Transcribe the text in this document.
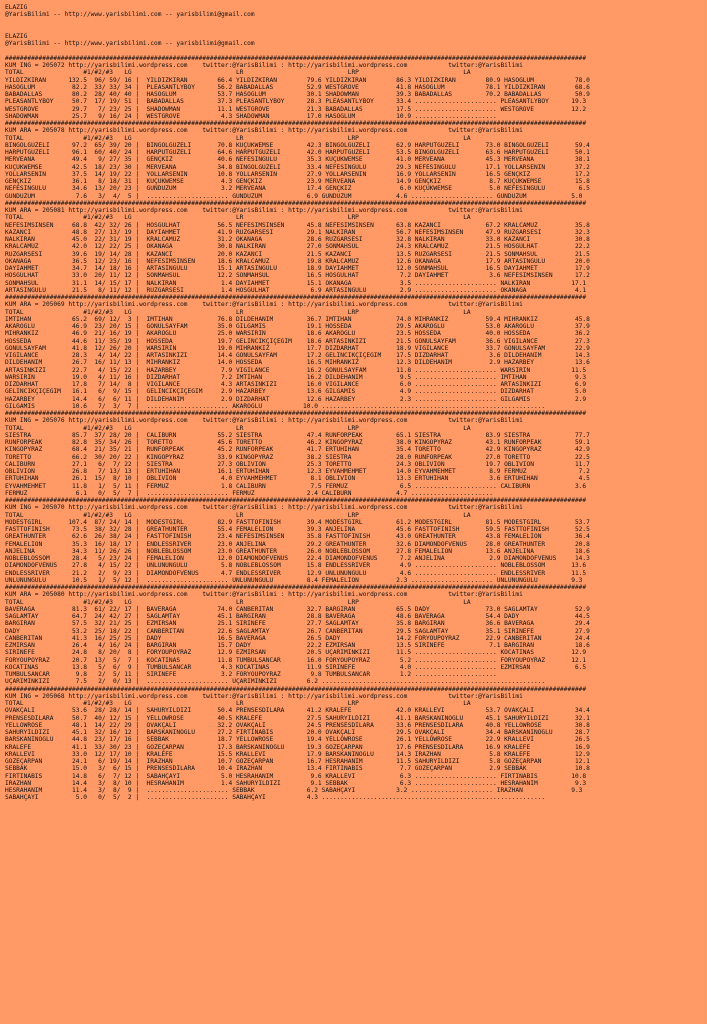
ELAZIG
@YarisBilimi -- http://www.yarisbilimi.com -- yarisbilimi@gmail.com

ELAZIG
@YarisBilimi -- http://www.yarisbilimi.com -- yarisbilimi@gmail.com

############################################################################################################################################################
KUM ING = 205072 http://yarisbilimi.wordpress.com    twitter:@YarisBilimi : http://yarisbilimi.wordpress.com           twitter:@YarisBilimi
TOTAL                #1/#2/#3   LG                            LR                            LRP                            LA
YILDIZKIRAN      132.5  96/ 59/ 16 |  YILDIZKIRAN        66.4 YILDIZKIRAN        79.6 YILDIZKIRAN        86.3 YILDIZKIRAN        80.9 HASOGLUM           78.0
HASOGLUM          82.2  33/ 33/ 34 |  PLEASANTLYBOY      56.2 BABADALLAS         52.9 WESTGROVE          41.8 HASOGLUM           78.1 YILDIZKIRAN        68.6
BABADALLAS        80.2  28/ 40/ 40 |  HASOGLUM           53.7 HASOGLUM           30.1 SHADOWMAN          39.3 BABADALLAS         70.2 BABADALLAS         50.9
PLEASANTLYBOY     50.7  17/ 19/ 51 |  BABADALLAS         37.3 PLEASANTLYBOY      28.3 PLEASANTLYBOY      33.4 ...................... PLEASANTLYBOY      19.3
WESTGROVE         29.7   7/ 23/ 25 |  SHADOWMAN          11.1 WESTGROVE          21.3 BABADALLAS         17.5 ...................... WESTGROVE          12.2
SHADOWMAN         25.7   9/ 16/ 24 |  WESTGROVE           4.3 SHADOWMAN          17.0 HASOGLUM           10.9 ......................
############################################################################################################################################################
KUM ARA = 205078 http://yarisbilimi.wordpress.com    twitter:@YarisBilimi : http://yarisbilimi.wordpress.com           twitter:@YarisBilimi
TOTAL                #1/#2/#3   LG                            LR                            LRP                            LA
BINGÖLGÜZELI      97.2  65/ 39/ 20 |  BINGÖLGÜZELI       70.8 KÜÇÜKWEMSE         42.3 BINGÖLGÜZELI       62.9 HARPUTGÜZELI       73.0 BINGÖLGÜZELI       59.4
HARPUTGÜZELI      96.1  60/ 40/ 24 |  HARPUTGÜZELI       64.6 HARPUTGÜZELI       42.0 HARPUTGÜZELI       53.5 BINGÖLGÜZELI       63.6 HARPUTGÜZELI       50.1
MERVEANA          49.4   9/ 27/ 35 |  GENÇKIZ            40.6 NEFESINGÜLÜ        35.3 KÜÇÜKWEMSE         41.0 MERVEANA           45.3 MERVEANA           38.1
KÜÇÜKWEMSE        42.5  18/ 23/ 30 |  MERVEANA           34.8 BINGÖLGÜZELI       33.4 NEFESINGÜLÜ        29.3 NEFESINGÜLÜ        17.1 YOLLARSENIN        37.2
YOLLARSENIN       37.5  14/ 19/ 22 |  YOLLARSENIN        10.8 YOLLARSENIN        27.9 YOLLARSENIN        16.9 YOLLARSENIN        16.5 GENÇKIZ            17.2
GENÇKIZ           36.1   8/ 18/ 31 |  KÜÇÜKWEMSE          4.3 GENÇKIZ            23.9 MERVEANA           14.9 GENÇKIZ             8.7 KÜÇÜKWEMSE         15.8
NEFESINGÜLÜ       34.6  13/ 20/ 23 |  GÜNDÜZÜM            3.2 MERVEANA           17.4 GENÇKIZ             6.0 KÜÇÜKWEMSE          5.0 NEFESINGÜLÜ         6.5
GÜNDÜZÜM           7.6   3/  4/  5 |  ...................... GÜNDÜZÜM            6.9 GÜNDÜZÜM            4.6 ...................... GÜNDÜZÜM            5.0
############################################################################################################################################################
KUM ARA = 205081 http://yarisbilimi.wordpress.com    twitter:@YarisBilimi : http://yarisbilimi.wordpress.com           twitter:@YarisBilimi
TOTAL                #1/#2/#3   LG                            LR                            LRP                            LA
NEFESIMSINSEN     68.8  42/ 32/ 26 |  HOSGÜLHAT          56.5 NEFESIMSINSEN      45.8 NEFESIMSINSEN      63.8 KAZANCI            67.2 KRALCAMUZ          35.8
KAZANCI           48.8  27/ 13/ 19 |  DAYIAHMET          41.9 RÜZGARSESI         29.1 NALKIRAN           56.7 NEFESIMSINSEN      47.9 RÜZGARSESI         32.3
NALKIRAN          45.0  22/ 31/ 19 |  KRALCAMUZ          31.2 OKANAGA            28.6 RÜZGARSESI         32.8 NALKIRAN           33.0 KAZANCI            30.8
KRALCAMUZ         42.0  12/ 22/ 25 |  OKANAGA            30.8 NALKIRAN           27.0 SONMAHSÜL          24.3 KRALCAMUZ          21.5 HOSGÜLHAT          22.2
RÜZGARSESI        39.6  19/ 14/ 28 |  KAZANCI            20.0 KAZANCI            21.5 KAZANCI            13.5 RÜZGARSESI         21.5 SONMAHSÜL          21.5
OKANAGA           36.5  12/ 23/ 16 |  NEFESIMSINSEN      18.6 KRALCAMUZ          19.8 KRALCAMUZ          12.6 OKANAGA            17.9 ARTASINGÜLÜ        20.0
DAYIAHMET         34.7  14/ 18/ 16 |  ARTASINGÜLÜ        15.1 ARTASINGÜLÜ        18.9 DAYIAHMET          12.0 SONMAHSÜL          16.5 DAYIAHMET          17.9
HOSGÜLHAT         33.0  20/ 11/ 12 |  SONMAHSÜL          12.2 SONMAHSÜL          16.5 HOSGÜLHAT           7.2 DAYIAHMET           3.6 NEFESIMSINSEN      17.2
SONMAHSÜL         31.1  14/ 15/ 17 |  NALKIRAN            1.4 DAYIAHMET          15.1 OKANAGA             3.5 ...................... NALKIRAN           17.1
ARTASINGÜLÜ       21.5   8/ 11/ 12 |  RÜZGARSESI          1.4 HOSGÜLHAT           6.9 ARTASINGÜLÜ         2.9 ...................... OKANAGA             4.1
############################################################################################################################################################
KUM ARA = 205069 http://yarisbilimi.wordpress.com    twitter:@YarisBilimi : http://yarisbilimi.wordpress.com           twitter:@YarisBilimi
TOTAL                #1/#2/#3   LG                            LR                            LRP                            LA
IMTIHAN           65.2  69/ 12/  3 |  IMTIHAN            76.8 DILDEHANIM         36.7 IMTIHAN            74.0 MIHRANKIZ          59.4 MIHRANKIZ          45.8
AKAROGLU          46.9  23/ 20/ 15 |  GÖNÜLSAYFAM        35.0 GILGAMIS           19.1 HOSSEDA            29.5 AKAROGLU           53.0 AKAROGLU           37.9
MIHRANKIZ         46.9  21/ 16/ 19 |  AKAROGLU           25.0 WARSIRIN           18.6 AKAROGLU           23.5 HOSSEDA            40.0 HOSSEDA            36.2
HOSSEDA           44.6  11/ 35/ 19 |  HOSSEDA            19.7 GELINCIKÇIÇEGIM    18.6 ARTASINKIZI        21.5 GÖNÜLSAYFAM        36.6 VIGILANCE          27.3
GÖNÜLSAYFAM       41.8  12/ 26/ 20 |  WARSIRIN           19.0 MIHRANKIZ          17.7 DIZDARHAT          18.9 VIGILANCE          33.7 GÖNÜLSAYFAM        22.9
VIGILANCE         28.3   4/ 14/ 22 |  ARTASINKIZI        14.4 GÖNÜLSAYFAM        17.2 GELINCIKÇIÇEGIM    17.5 DIZDARHAT           3.6 DILDEHANIM         14.3
DILDEHANIM        26.7  16/ 11/ 13 |  MIHRANKIZ          14.0 HOSSEDA            16.5 MIHRANKIZ          12.3 DILDEHANIM          2.9 HAZARBEY           13.6
ARTASINKIZI       22.7   4/ 15/ 22 |  HAZARBEY            7.9 VIGILANCE          16.2 GÖNÜLSAYFAM        11.8 ...................... WARSIRIN           11.5
WARSIRIN          19.0   4/ 11/ 16 |  DIZDARHAT           7.2 IMTIHAN            16.2 DILDEHANIM          9.5 ...................... IMTIHAN             9.3
DIZDARHAT         17.8   7/ 14/  8 |  VIGILANCE           4.3 ARTASINKIZI        16.0 VIGILANCE           6.0 ...................... ARTASINKIZI         6.9
GELINCIKÇIÇEGIM   16.1   6/  9/ 15 |  GELINCIKÇIÇEGIM     2.9 HAZARBEY           13.6 GILGAMIS            4.9 ...................... DIZDARHAT           5.0
HAZARBEY          14.4   6/  6/ 11 |  DILDEHANIM          2.9 DIZDARHAT          12.6 HAZARBEY            2.3 ...................... GILGAMIS            2.9
GILGAMIS          10.6   7/  3/  7 |  ...................... AKAROGLU           10.0 ............................................................
############################################################################################################################################################
KUM ING = 205076 http://yarisbilimi.wordpress.com    twitter:@YarisBilimi : http://yarisbilimi.wordpress.com           twitter:@YarisBilimi
TOTAL                #1/#2/#3   LG                            LR                            LRP                            LA
SIESTRA           85.7  37/ 28/ 20 |  CALIBURN           55.2 SIESTRA            47.4 RUNFORPEAK         65.1 SIESTRA            83.9 SIESTRA            77.7
RUNFORPEAK        82.8  35/ 34/ 26 |  TORETTO            45.6 TORETTO            46.2 KINGOPYRAZ         38.0 KINGOPYRAZ         43.1 RUNFORPEAK         59.1
KINGOPYRAZ        68.4  21/ 35/ 21 |  RUNFORPEAK         45.2 RUNFORPEAK         41.7 ERTUHIHAN          35.4 TORETTO            42.9 KINGOPYRAZ         42.9
TORETTO           66.2  30/ 20/ 22 |  KINGOPYRAZ         33.9 KINGOPYRAZ         38.2 SIESTRA            28.0 RUNFORPEAK         27.0 TORETTO            22.5
CALIBURN          27.1   6/  7/ 22 |  SIESTRA            27.3 OBLIVION           25.3 TORETTO            24.3 OBLIVION           19.7 OBLIVION           11.7
OBLIVION          26.8   7/ 13/ 13 |  ERTUHIHAN          16.1 ERTUHIHAN          12.3 EYVAHMEHMET        14.0 EYVAHMEHMET         8.9 FERMUZ              7.2
ERTUHIHAN         26.1  15/  8/ 10 |  OBLIVION            4.0 EYVAHMEHMET         8.1 OBLIVION           13.3 ERTUHIHAN           3.6 ERTUHIHAN           4.5
EYVAHMEHMET       11.8   1/  5/ 11 |  FERMUZ              1.8 CALIBURN            7.5 FERMUZ              6.5 ...................... CALIBURN            3.6
FERMUZ             6.1   0/  5/  7 |  ...................... FERMUZ              2.4 CALIBURN            4.7 ......................
############################################################################################################################################################
KUM ING = 205070 http://yarisbilimi.wordpress.com    twitter:@YarisBilimi : http://yarisbilimi.wordpress.com           twitter:@YarisBilimi
TOTAL                #1/#2/#3   LG                            LR                            LRP                            LA
MODESTGIRL       107.4  87/ 24/ 14 |  MODESTGIRL         82.9 FASTTOFINISH       39.4 MODESTGIRL         61.2 MODESTGIRL         81.5 MODESTGIRL         53.7
FASTTOFINISH      73.5  38/ 32/ 28 |  GREATHUNTER        55.4 FEMALELION         39.3 ANJELINA           45.6 FASTTOFINISH       59.5 FASTTOFINISH       52.5
GREATHUNTER       62.6  26/ 38/ 24 |  FASTTOFINISH       23.4 NEFESIMSINSEN      35.8 FASTTOFINISH       43.0 GREATHUNTER        43.8 FEMALELION         36.4
FEMALELION        35.3  16/ 18/ 17 |  ENDLESSRIVER       23.0 ANJELINA           29.2 GREATHUNTER        32.6 DIAMONDOFVENUS     28.0 GREATHUNTER        20.8
ANJELINA          34.3  11/ 26/ 26 |  NOBLEBLOSSOM       23.0 GREATHUNTER        26.0 NOBLEBLOSSOM       27.8 FEMALELION         13.6 ANJELINA           18.6
NOBLEBLOSSOM      28.4   5/ 23/ 24 |  FEMALELION         12.0 DIAMONDOFVENUS     22.4 DIAMONDOFVENUS      7.2 ANJELINA            2.9 DIAMONDOFVENUS     14.3
DIAMONDOFVENUS    27.8   4/ 15/ 22 |  ÜNLÜNÜNGÜLÜ         5.8 NOBLEBLOSSOM       15.8 ENDLESSRIVER        4.9 ...................... NOBLEBLOSSOM       13.6
ENDLESSRIVER      21.2   2/  9/ 23 |  DIAMONDOFVENUS      4.7 ENDLESSRIVER       12.9 ÜNLÜNÜNGÜLÜ         4.6 ...................... ENDLESSRIVER       11.5
ÜNLÜNÜNGÜLÜ       10.5   1/  5/ 12 |  ...................... ÜNLÜNÜNGÜLÜ         8.4 FEMALELION          2.3 ...................... ÜNLÜNÜNGÜLÜ         9.3
############################################################################################################################################################
KUM ARA = 205080 http://yarisbilimi.wordpress.com    twitter:@YarisBilimi : http://yarisbilimi.wordpress.com           twitter:@YarisBilimi
TOTAL                #1/#2/#3   LG                            LR                            LRP                            LA
BAVERAGA          81.3  61/ 22/ 17 |  BAVERAGA           74.0 CANBERITAN         32.7 BARGIRAN           65.5 DADY               73.0 SAGLAMTAY          52.9
SAGLAMTAY         64.7  24/ 42/ 27 |  SAGLAMTAY          45.1 BARGIRAN           28.8 BAVERAGA           48.6 BAVERAGA           54.4 DADY               44.5
BARGIRAN          57.5  32/ 21/ 25 |  EZMIRSAN           25.1 SIRINEFE           27.7 SAGLAMTAY          35.8 BARGIRAN           36.6 BAVERAGA           29.4
DADY              53.2  25/ 18/ 22 |  CANBERITAN         22.6 SAGLAMTAY          26.7 CANBERITAN         29.5 SAGLAMTAY          35.1 SIRINEFE           27.9
CANBERITAN        41.3  16/ 25/ 25 |  DADY               16.5 BAVERAGA           26.5 DADY               14.2 FORYOUPOYRAZ       22.9 CANBERITAN         24.4
EZMIRSAN          26.4   4/ 16/ 24 |  BARGIRAN           15.7 DADY               22.2 EZMIRSAN           13.5 SIRINEFE            7.1 BARGIRAN           18.6
SIRINEFE          24.8   8/ 20/  8 |  FORYOUPOYRAZ       12.9 EZMIRSAN           20.5 UÇARIMINKIZI       11.5 ...................... KOCATINAS          12.9
FORYOUPOYRAZ      20.7  13/  5/  7 |  KOCATINAS          11.8 TUMBULSANCAR       16.0 FORYOUPOYRAZ        5.2 ...................... FORYOUPOYRAZ       12.1
KOCATINAS         13.8   5/  6/  9 |  TUMBULSANCAR        4.3 KOCATINAS          11.9 SIRINEFE            4.0 ...................... EZMIRSAN            6.5
TUMBULSANCAR       9.8   2/  5/ 11 |  SIRINEFE            3.2 FORYOUPOYRAZ        9.8 TUMBULSANCAR        1.2 ......................
UÇARIMINKIZI       7.5   2/  0/ 13 |  ...................... UÇARIMINKIZI        6.2 ............................................................
############################################################################################################################################################
KUM ING = 205068 http://yarisbilimi.wordpress.com    twitter:@YarisBilimi : http://yarisbilimi.wordpress.com           twitter:@YarisBilimi
TOTAL                #1/#2/#3   LG                            LR                            LRP                            LA
OVAKÇALI          53.6  28/ 28/ 14 |  SAHURYILDIZI       50.4 PRENSESDILARA      41.2 KRALEFE            42.0 KRALLEVI           53.7 OVAKÇALI           34.4
PRENSESDILARA     50.7  40/ 12/ 15 |  YELLOWROSE         40.5 KRALEFE            27.5 SAHURYILDIZI       41.1 BARSKANINOGLU      45.1 SAHURYILDIZI       32.1
YELLOWROSE        48.1  14/ 22/ 29 |  OVAKÇALI           32.2 OVAKÇALI           24.5 PRENSESDILARA      33.6 PRENSESDILARA      40.8 YELLOWROSE         30.8
SAHURYILDIZI      45.1  32/ 16/ 12 |  BARSKANINOGLU      27.2 FIRTINABIS         20.0 OVAKÇALI           29.5 OVAKÇALI           34.4 BARSKANINOGLU      28.7
BARSKANINOGLU     44.8  23/ 17/ 16 |  SEBBAK             18.7 YELLOWROSE         19.4 YELLOWROSE         26.1 YELLOWROSE         22.9 KRALLEVI           26.5
KRALEFE           41.1  33/ 30/ 23 |  GÖZEÇARPAN         17.3 BARSKANINOGLU      19.3 GÖZEÇARPAN         17.6 PRENSESDILARA      16.9 KRALEFE            16.9
KRALLEVI          33.0  12/ 17/ 10 |  KRALEFE            15.5 KRALLEVI           17.9 BARSKANINOGLU      14.3 IRAZHAN             5.8 KRALEFE            12.9
GÖZEÇARPAN        24.1   6/ 19/ 14 |  IRAZHAN            10.7 GÖZEÇARPAN         16.7 HESRAHANIM         11.5 SAHURYILDIZI        5.8 GÖZEÇARPAN         12.1
SEBBAK            15.0   3/  6/ 15 |  PRENSESDILARA      10.4 IRAZHAN            13.4 FIRTINABIS          7.7 GÖZEÇARPAN          2.9 SEBBAK             10.8
FIRTINABIS        14.8   6/  7/ 12 |  SABAHÇAYI           5.0 HESRAHANIM          9.6 KRALLEVI            6.3 ...................... FIRTINABIS         10.8
IRAZHAN           14.4   3/  8/ 10 |  HESRAHANIM          1.4 SAHURYILDIZI        9.1 SEBBAK              6.3 ...................... HESRAHANIM          9.3
HESRAHANIM        11.4   3/  8/  9 |  ...................... SEBBAK              6.2 SABAHÇAYI           3.2 ...................... IRAZHAN             9.3
SABAHÇAYI          5.0   0/  5/  2 |  ...................... SABAHÇAYI           4.3 ............................................................
